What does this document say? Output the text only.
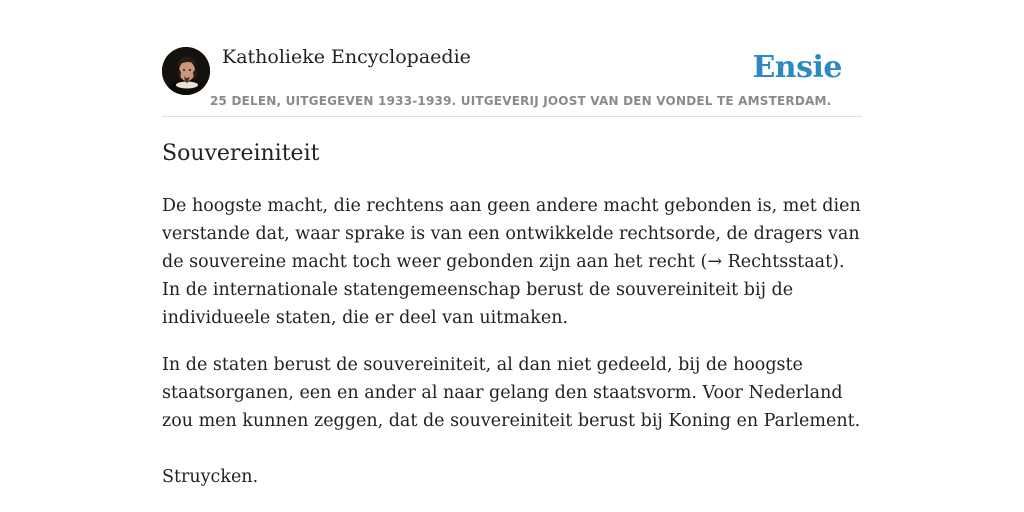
Katholieke Encyclopaedie
25 DELEN, UITGEGEVEN 1933-1939. UITGEVERIJ JOOST VAN DEN VONDEL TE AMSTERDAM.
Ensie
Souvereiniteit

De hoogste macht, die rechtens aan geen andere macht gebonden is, met dien verstande dat, waar sprake is van een ontwikkelde rechtsorde, de dragers van de souvereine macht toch weer gebonden zijn aan het recht (→ Rechtsstaat). In de internationale statengemeenschap berust de souvereiniteit bij de individueele staten, die er deel van uitmaken.

In de staten berust de souvereiniteit, al dan niet gedeeld, bij de hoogste staatsorganen, een en ander al naar gelang den staatsvorm. Voor Nederland zou men kunnen zeggen, dat de souvereiniteit berust bij Koning en Parlement.

Struycken.
